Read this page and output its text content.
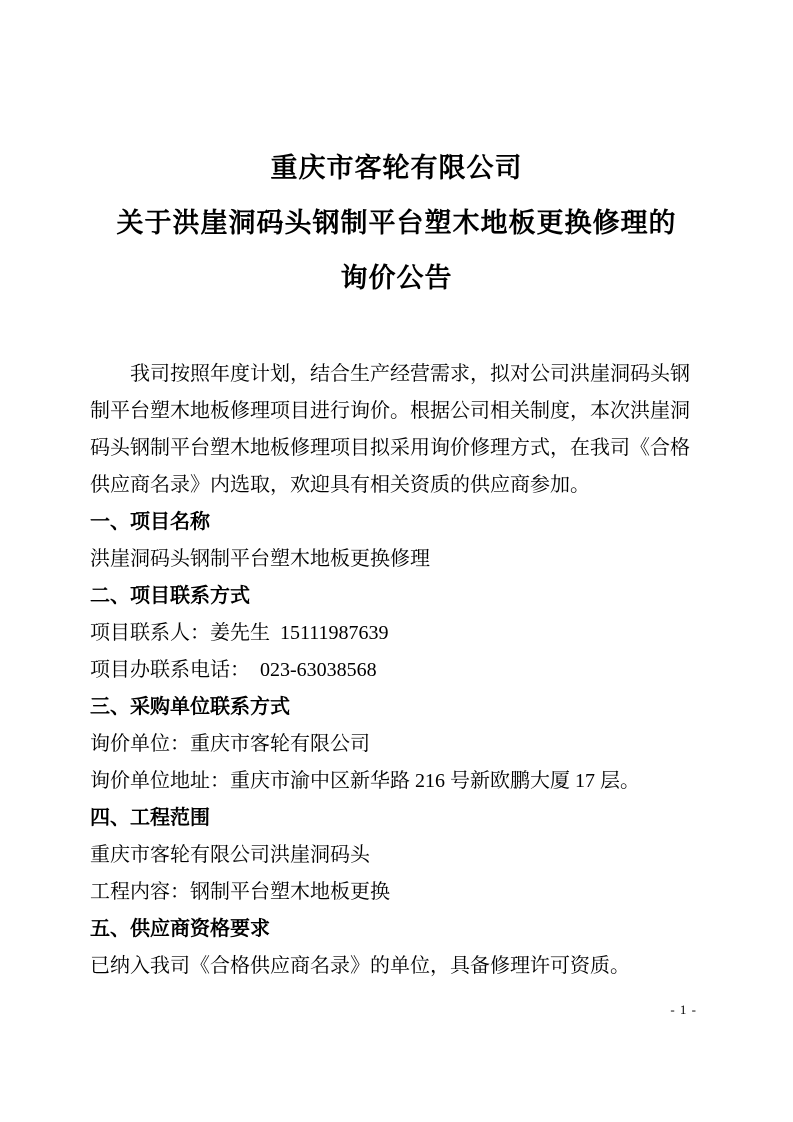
重庆市客轮有限公司
关于洪崖洞码头钢制平台塑木地板更换修理的
询价公告

我司按照年度计划，结合生产经营需求，拟对公司洪崖洞码头钢
制平台塑木地板修理项目进行询价。根据公司相关制度，本次洪崖洞
码头钢制平台塑木地板修理项目拟采用询价修理方式，在我司《合格
供应商名录》内选取，欢迎具有相关资质的供应商参加。

一、项目名称

洪崖洞码头钢制平台塑木地板更换修理

二、项目联系方式

项目联系人：姜先生  15111987639

项目办联系电话：  023-63038568

三、采购单位联系方式

询价单位：重庆市客轮有限公司

询价单位地址：重庆市渝中区新华路 216 号新欧鹏大厦 17 层。

四、工程范围

重庆市客轮有限公司洪崖洞码头

工程内容：钢制平台塑木地板更换

五、供应商资格要求

已纳入我司《合格供应商名录》的单位，具备修理许可资质。

- 1 -
